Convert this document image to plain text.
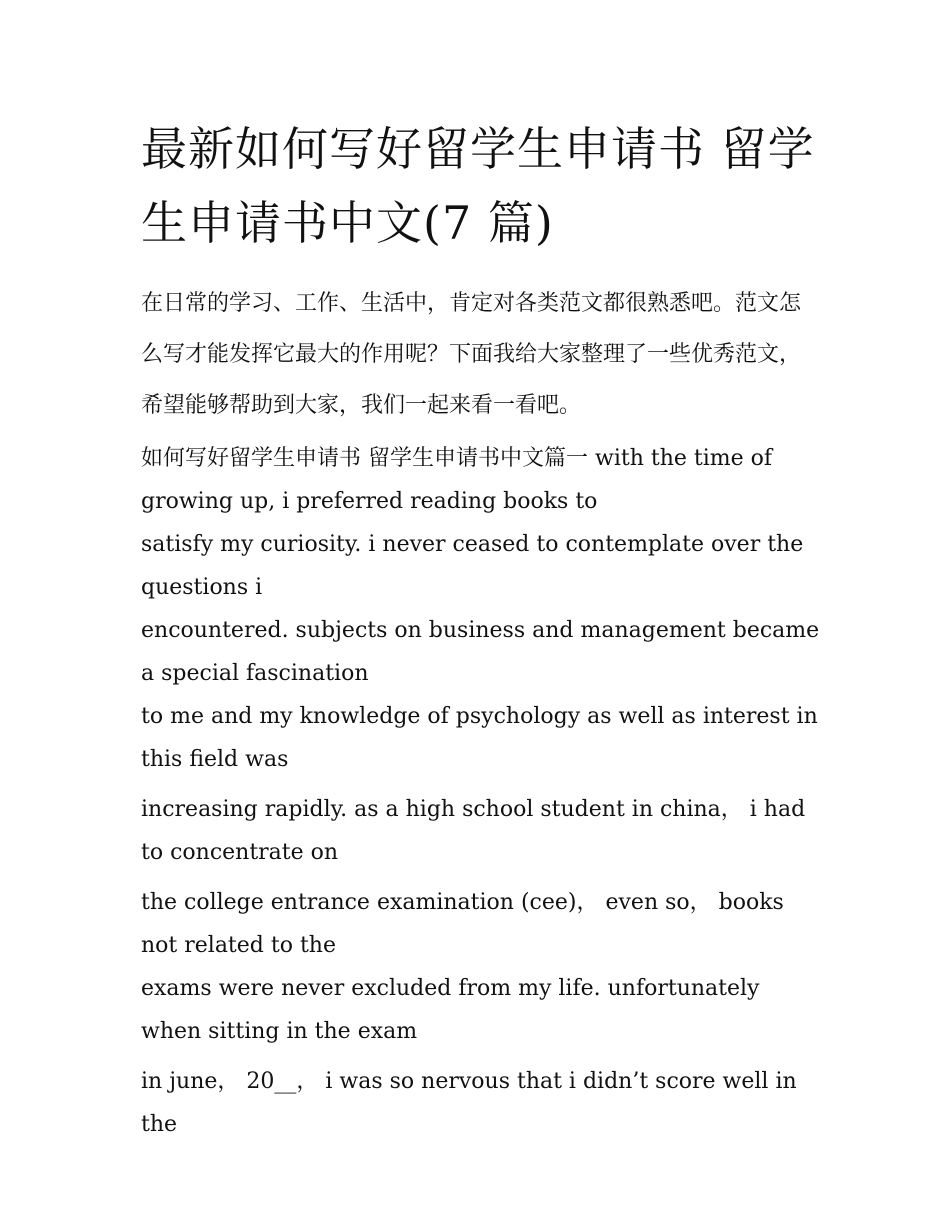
最新如何写好留学生申请书 留学生申请书中文(7 篇)

在日常的学习、工作、生活中，肯定对各类范文都很熟悉吧。范文怎么写才能发挥它最大的作用呢？下面我给大家整理了一些优秀范文，希望能够帮助到大家，我们一起来看一看吧。

如何写好留学生申请书 留学生申请书中文篇一 with the time of growing up, i preferred reading books to

satisfy my curiosity. i never ceased to contemplate over the questions i

encountered. subjects on business and management became a special fascination

to me and my knowledge of psychology as well as interest in this field was

increasing rapidly. as a high school student in china， i had to concentrate on

the college entrance examination (cee)， even so， books not related to the

exams were never excluded from my life. unfortunately when sitting in the exam

in june， 20__， i was so nervous that i didn’t score well in the
